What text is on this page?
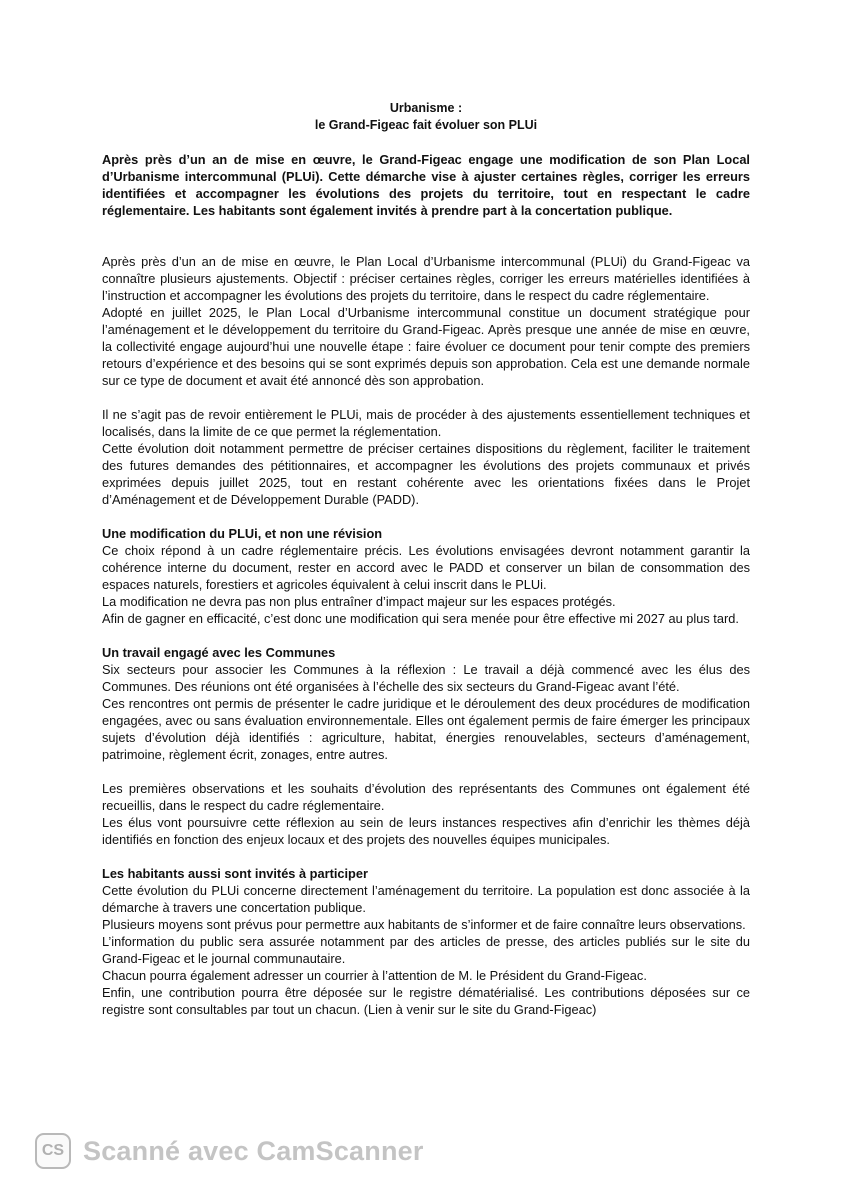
Urbanisme :
le Grand-Figeac fait évoluer son PLUi
Après près d’un an de mise en œuvre, le Grand-Figeac engage une modification de son Plan Local d’Urbanisme intercommunal (PLUi). Cette démarche vise à ajuster certaines règles, corriger les erreurs identifiées et accompagner les évolutions des projets du territoire, tout en respectant le cadre réglementaire. Les habitants sont également invités à prendre part à la concertation publique.

Après près d’un an de mise en œuvre, le Plan Local d’Urbanisme intercommunal (PLUi) du Grand-Figeac va connaître plusieurs ajustements. Objectif : préciser certaines règles, corriger les erreurs matérielles identifiées à l’instruction et accompagner les évolutions des projets du territoire, dans le respect du cadre réglementaire.

Adopté en juillet 2025, le Plan Local d’Urbanisme intercommunal constitue un document stratégique pour l’aménagement et le développement du territoire du Grand-Figeac. Après presque une année de mise en œuvre, la collectivité engage aujourd’hui une nouvelle étape : faire évoluer ce document pour tenir compte des premiers retours d’expérience et des besoins qui se sont exprimés depuis son approbation. Cela est une demande normale sur ce type de document et avait été annoncé dès son approbation.

Il ne s’agit pas de revoir entièrement le PLUi, mais de procéder à des ajustements essentiellement techniques et localisés, dans la limite de ce que permet la réglementation.

Cette évolution doit notamment permettre de préciser certaines dispositions du règlement, faciliter le traitement des futures demandes des pétitionnaires, et accompagner les évolutions des projets communaux et privés exprimées depuis juillet 2025, tout en restant cohérente avec les orientations fixées dans le Projet d’Aménagement et de Développement Durable (PADD).

Une modification du PLUi, et non une révision

Ce choix répond à un cadre réglementaire précis. Les évolutions envisagées devront notamment garantir la cohérence interne du document, rester en accord avec le PADD et conserver un bilan de consommation des espaces naturels, forestiers et agricoles équivalent à celui inscrit dans le PLUi.

La modification ne devra pas non plus entraîner d’impact majeur sur les espaces protégés.

Afin de gagner en efficacité, c’est donc une modification qui sera menée pour être effective mi 2027 au plus tard.

Un travail engagé avec les Communes

Six secteurs pour associer les Communes à la réflexion : Le travail a déjà commencé avec les élus des Communes. Des réunions ont été organisées à l’échelle des six secteurs du Grand-Figeac avant l’été.

Ces rencontres ont permis de présenter le cadre juridique et le déroulement des deux procédures de modification engagées, avec ou sans évaluation environnementale. Elles ont également permis de faire émerger les principaux sujets d’évolution déjà identifiés : agriculture, habitat, énergies renouvelables, secteurs d’aménagement, patrimoine, règlement écrit, zonages, entre autres.

Les premières observations et les souhaits d’évolution des représentants des Communes ont également été recueillis, dans le respect du cadre réglementaire.

Les élus vont poursuivre cette réflexion au sein de leurs instances respectives afin d’enrichir les thèmes déjà identifiés en fonction des enjeux locaux et des projets des nouvelles équipes municipales.

Les habitants aussi sont invités à participer

Cette évolution du PLUi concerne directement l’aménagement du territoire. La population est donc associée à la démarche à travers une concertation publique.

Plusieurs moyens sont prévus pour permettre aux habitants de s’informer et de faire connaître leurs observations.

L’information du public sera assurée notamment par des articles de presse, des articles publiés sur le site du Grand-Figeac et le journal communautaire.

Chacun pourra également adresser un courrier à l’attention de M. le Président du Grand-Figeac.

Enfin, une contribution pourra être déposée sur le registre dématérialisé. Les contributions déposées sur ce registre sont consultables par tout un chacun. (Lien à venir sur le site du Grand-Figeac)

CS Scanné avec CamScanner
